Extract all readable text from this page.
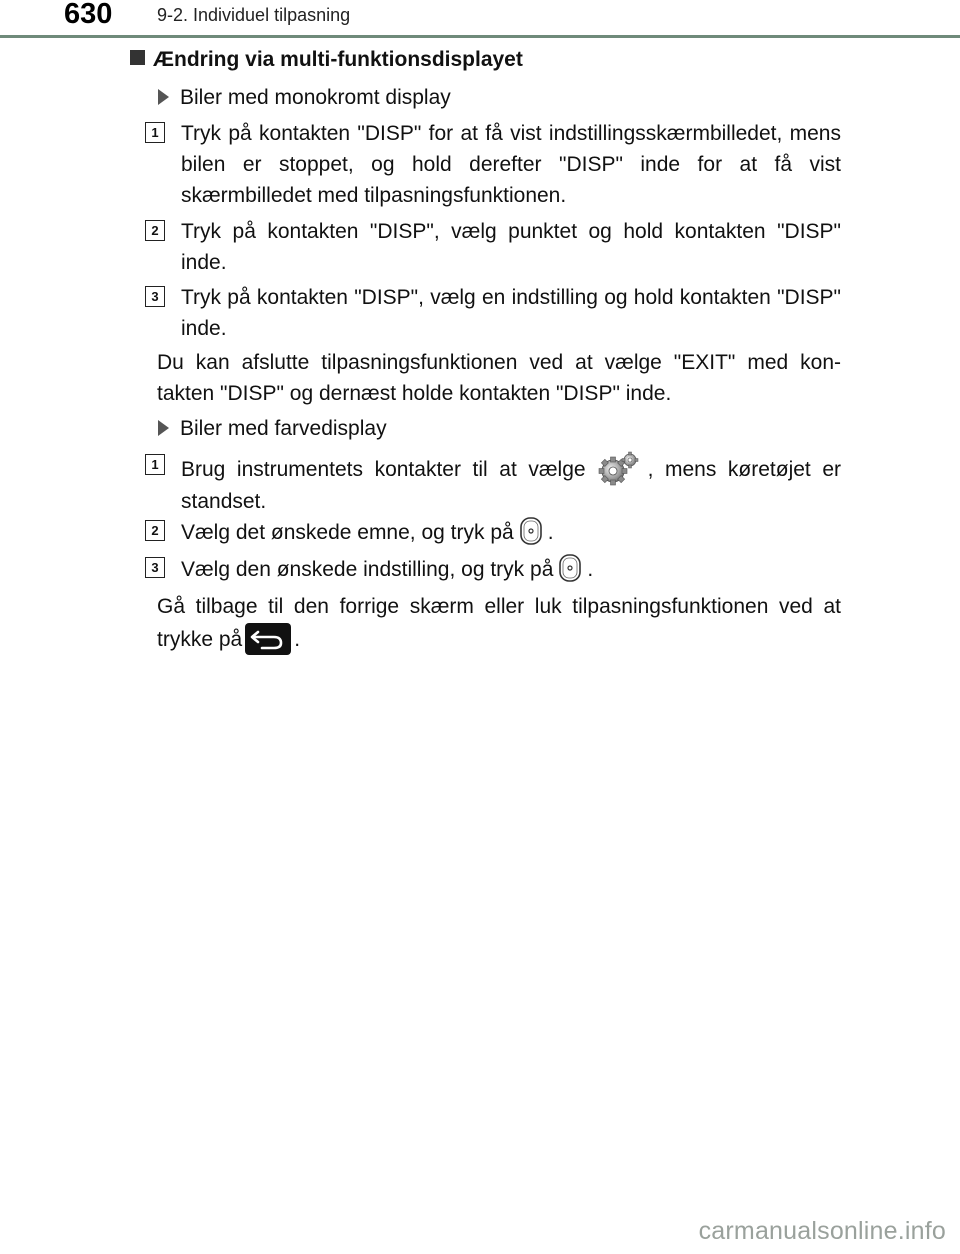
630 9-2. Individuel tilpasning
Ændring via multi-funktionsdisplayet
Biler med monokromt display
1	Tryk på kontakten "DISP" for at få vist indstillingsskærmbilledet, mens bilen er stoppet, og hold derefter "DISP" inde for at få vist skærmbilledet med tilpasningsfunktionen.
2	Tryk på kontakten "DISP", vælg punktet og hold kontakten "DISP" inde.
3	Tryk på kontakten "DISP", vælg en indstilling og hold kontakten "DISP" inde.
Du kan afslutte tilpasningsfunktionen ved at vælge "EXIT" med kon-takten "DISP" og dernæst holde kontakten "DISP" inde.
Biler med farvedisplay
1	Brug instrumentets kontakter til at vælge	, mens køretøjet er standset.
2	Vælg det ønskede emne, og tryk på .
3	Vælg den ønskede indstilling, og tryk på .
Gå tilbage til den forrige skærm eller luk tilpasningsfunktionen ved at trykke på .
carmanualsonline.info
